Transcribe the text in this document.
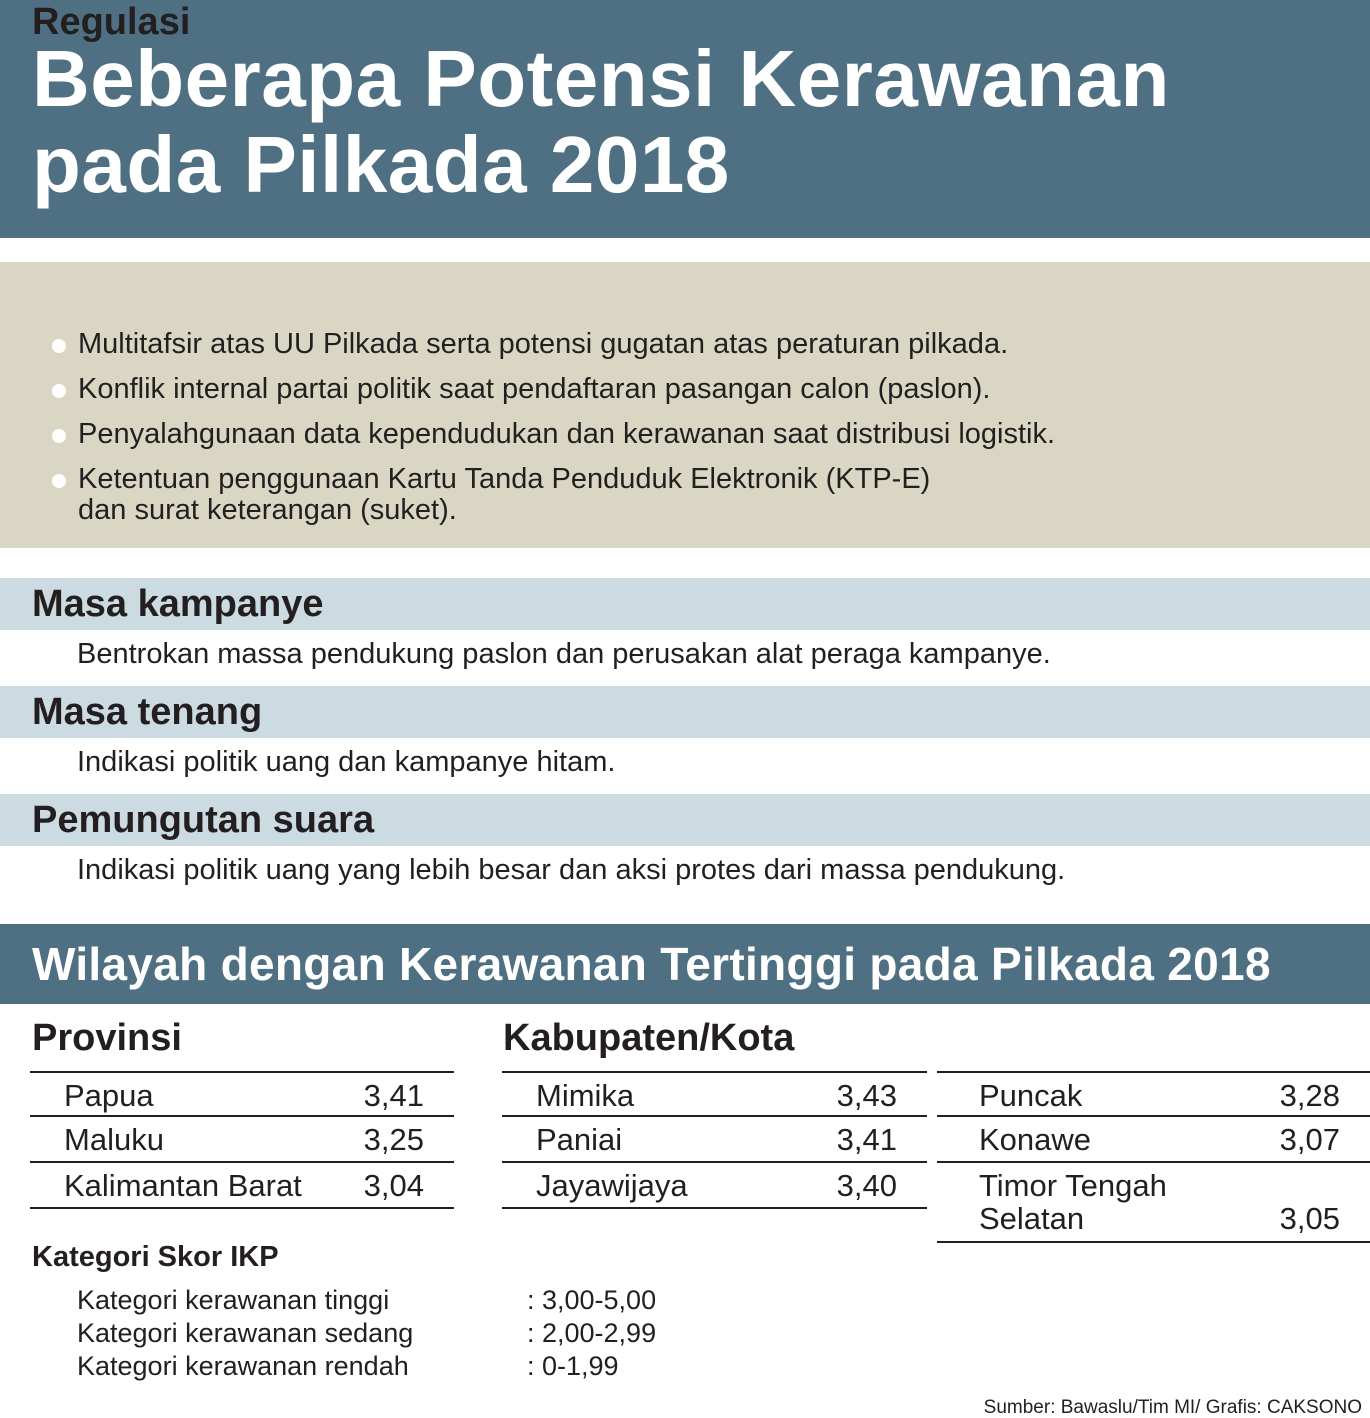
Beberapa Potensi Kerawanan pada Pilkada 2018
Regulasi
Multitafsir atas UU Pilkada serta potensi gugatan atas peraturan pilkada.
Konflik internal partai politik saat pendaftaran pasangan calon (paslon).
Penyalahgunaan data kependudukan dan kerawanan saat distribusi logistik.
Ketentuan penggunaan Kartu Tanda Penduduk Elektronik (KTP-E)
dan surat keterangan (suket).
Masa kampanye
Bentrokan massa pendukung paslon dan perusakan alat peraga kampanye.
Masa tenang
Indikasi politik uang dan kampanye hitam.
Pemungutan suara
Indikasi politik uang yang lebih besar dan aksi protes dari massa pendukung.
Wilayah dengan Kerawanan Tertinggi pada Pilkada 2018
Provinsi	Kabupaten/Kota
Papua	3,41
Maluku	3,25
Kalimantan Barat 3,04
Mimika	3,43
Paniai	3,41
Jayawijaya	3,40
Puncak	3,28
Konawe	3,07
Timor Tengah
Selatan	3,05
Kategori Skor IKP
Kategori kerawanan tinggi	: 3,00-5,00
Kategori kerawanan sedang	: 2,00-2,99
Kategori kerawanan rendah	: 0-1,99
Sumber: Bawaslu/Tim MI/ Grafis: CAKSONO
